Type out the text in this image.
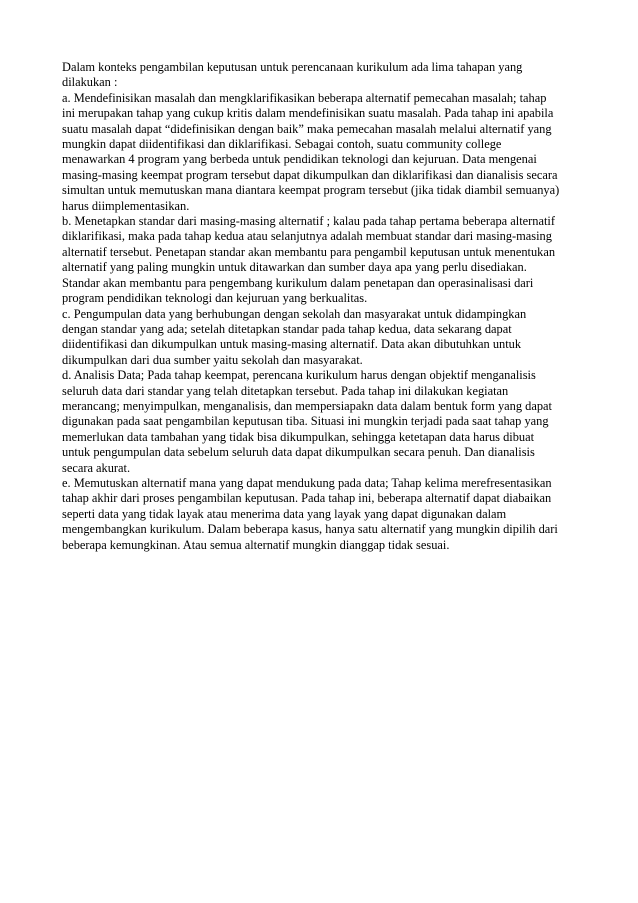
Dalam konteks pengambilan keputusan untuk perencanaan kurikulum ada lima tahapan yang
dilakukan :
a. Mendefinisikan masalah dan mengklarifikasikan beberapa alternatif pemecahan masalah; tahap
ini merupakan tahap yang cukup kritis dalam mendefinisikan suatu masalah. Pada tahap ini apabila
suatu masalah dapat “didefinisikan dengan baik” maka pemecahan masalah melalui alternatif yang
mungkin dapat diidentifikasi dan diklarifikasi. Sebagai contoh, suatu community college
menawarkan 4 program yang berbeda untuk pendidikan teknologi dan kejuruan. Data mengenai
masing-masing keempat program tersebut dapat dikumpulkan dan diklarifikasi dan dianalisis secara
simultan untuk memutuskan mana diantara keempat program tersebut (jika tidak diambil semuanya)
harus diimplementasikan.
b. Menetapkan standar dari masing-masing alternatif ; kalau pada tahap pertama beberapa alternatif
diklarifikasi, maka pada tahap kedua atau selanjutnya adalah membuat standar dari masing-masing
alternatif tersebut. Penetapan standar akan membantu para pengambil keputusan untuk menentukan
alternatif yang paling mungkin untuk ditawarkan dan sumber daya apa yang perlu disediakan.
Standar akan membantu para pengembang kurikulum dalam penetapan dan operasinalisasi dari
program pendidikan teknologi dan kejuruan yang berkualitas.
c. Pengumpulan data yang berhubungan dengan sekolah dan masyarakat untuk didampingkan
dengan standar yang ada; setelah ditetapkan standar pada tahap kedua, data sekarang dapat
diidentifikasi dan dikumpulkan untuk masing-masing alternatif. Data akan dibutuhkan untuk
dikumpulkan dari dua sumber yaitu sekolah dan masyarakat.
d. Analisis Data; Pada tahap keempat, perencana kurikulum harus dengan objektif menganalisis
seluruh data dari standar yang telah ditetapkan tersebut. Pada tahap ini dilakukan kegiatan
merancang; menyimpulkan, menganalisis, dan mempersiapakn data dalam bentuk form yang dapat
digunakan pada saat pengambilan keputusan tiba. Situasi ini mungkin terjadi pada saat tahap yang
memerlukan data tambahan yang tidak bisa dikumpulkan, sehingga ketetapan data harus dibuat
untuk pengumpulan data sebelum seluruh data dapat dikumpulkan secara penuh. Dan dianalisis
secara akurat.
e. Memutuskan alternatif mana yang dapat mendukung pada data; Tahap kelima merefresentasikan
tahap akhir dari proses pengambilan keputusan. Pada tahap ini, beberapa alternatif dapat diabaikan
seperti data yang tidak layak atau menerima data yang layak yang dapat digunakan dalam
mengembangkan kurikulum. Dalam beberapa kasus, hanya satu alternatif yang mungkin dipilih dari
beberapa kemungkinan. Atau semua alternatif mungkin dianggap tidak sesuai.
